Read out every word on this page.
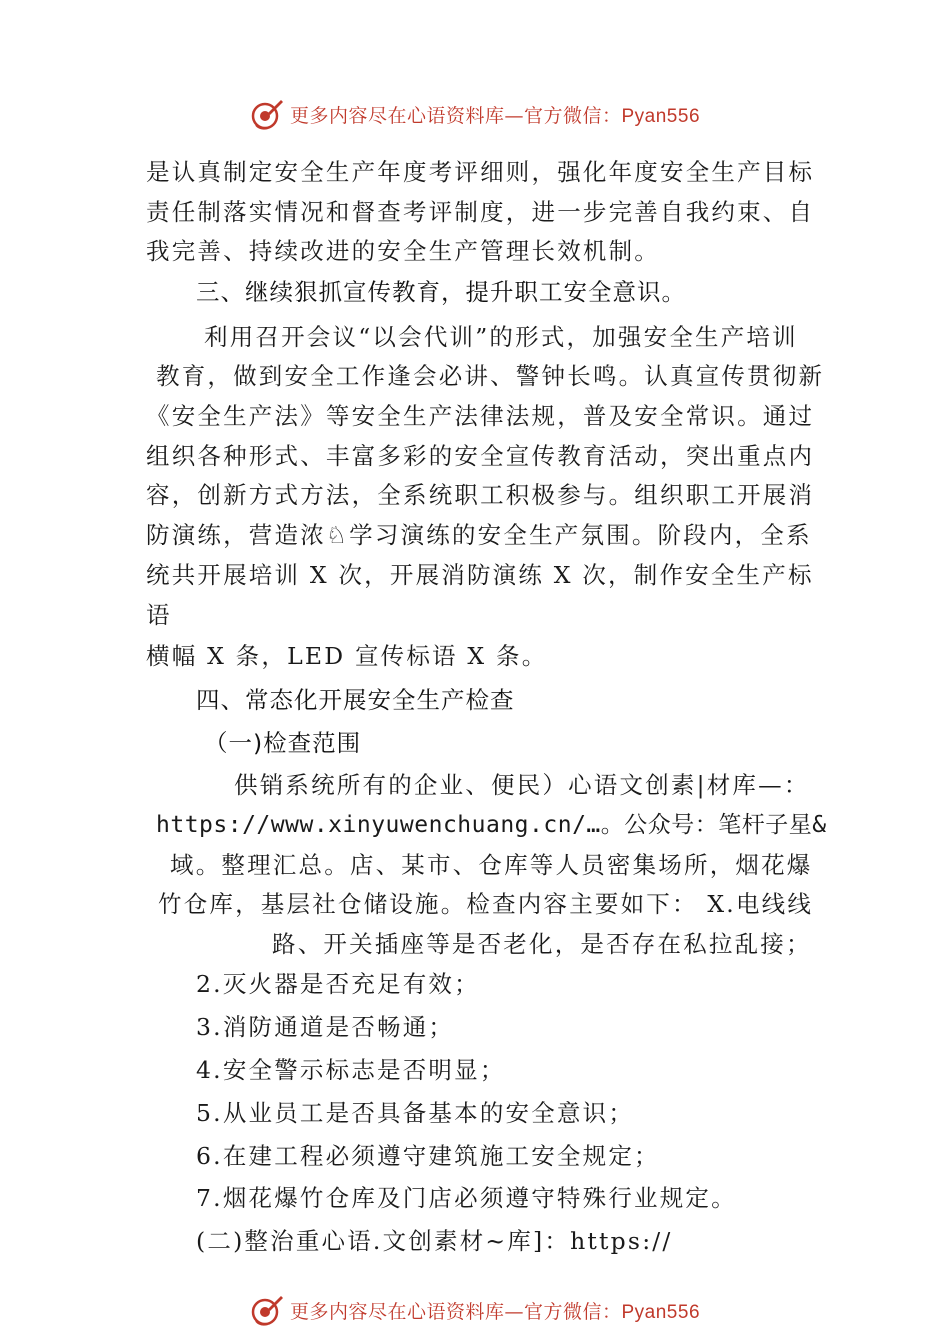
更多内容尽在心语资料库—官方微信：Pyan556
是认真制定安全生产年度考评细则，强化年度安全生产目标
责任制落实情况和督查考评制度，进一步完善自我约束、自
我完善、持续改进的安全生产管理长效机制。
三、继续狠抓宣传教育，提升职工安全意识。
利用召开会议“以会代训”的形式，加强安全生产培训
教育，做到安全工作逢会必讲、警钟长鸣。认真宣传贯彻新
《安全生产法》等安全生产法律法规，普及安全常识。通过
组织各种形式、丰富多彩的安全宣传教育活动，突出重点内
容，创新方式方法，全系统职工积极参与。组织职工开展消
防演练，营造浓♘学习演练的安全生产氛围。阶段内，全系
统共开展培训 X 次，开展消防演练 X 次，制作安全生产标
语
横幅 X 条，LED 宣传标语 X 条。
四、常态化开展安全生产检查
（一)检查范围
供销系统所有的企业、便民）心语文创素|材库—：
https://www.xinyuwenchuang.cn/…。公众号：笔杆子星&
域。整理汇总。店、某市、仓库等人员密集场所，烟花爆
竹仓库，基层社仓储设施。检查内容主要如下： X.电线线
路、开关插座等是否老化，是否存在私拉乱接；
2.灭火器是否充足有效；
3.消防通道是否畅通；
4.安全警示标志是否明显；
5.从业员工是否具备基本的安全意识；
6.在建工程必须遵守建筑施工安全规定；
7.烟花爆竹仓库及门店必须遵守特殊行业规定。
(二)整治重心语.文创素材~库]：https://
更多内容尽在心语资料库—官方微信：Pyan556
